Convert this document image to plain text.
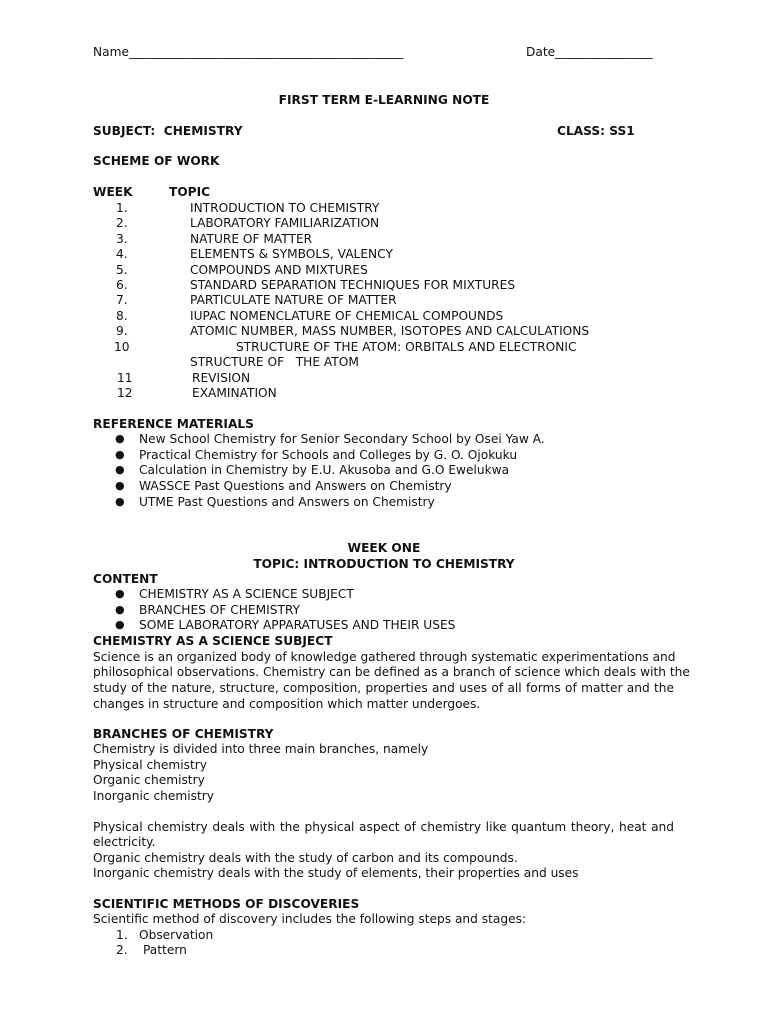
Name_____________________________________________	Date________________
FIRST TERM E-LEARNING NOTE
SUBJECT:  CHEMISTRY	CLASS: SS1
SCHEME OF WORK
WEEK	TOPIC
1.	INTRODUCTION TO CHEMISTRY
2.	LABORATORY FAMILIARIZATION
3.	NATURE OF MATTER
4.	ELEMENTS & SYMBOLS, VALENCY
5.	COMPOUNDS AND MIXTURES
6.	STANDARD SEPARATION TECHNIQUES FOR MIXTURES
7.	PARTICULATE NATURE OF MATTER
8.	IUPAC NOMENCLATURE OF CHEMICAL COMPOUNDS
9.	ATOMIC NUMBER, MASS NUMBER, ISOTOPES AND CALCULATIONS
10	STRUCTURE OF THE ATOM: ORBITALS AND ELECTRONIC
STRUCTURE OF   THE ATOM
11	REVISION
12	EXAMINATION
REFERENCE MATERIALS
● New School Chemistry for Senior Secondary School by Osei Yaw A.
● Practical Chemistry for Schools and Colleges by G. O. Ojokuku
● Calculation in Chemistry by E.U. Akusoba and G.O Ewelukwa
● WASSCE Past Questions and Answers on Chemistry
● UTME Past Questions and Answers on Chemistry
WEEK ONE
TOPIC: INTRODUCTION TO CHEMISTRY
CONTENT
● CHEMISTRY AS A SCIENCE SUBJECT
● BRANCHES OF CHEMISTRY
● SOME LABORATORY APPARATUSES AND THEIR USES
CHEMISTRY AS A SCIENCE SUBJECT
Science is an organized body of knowledge gathered through systematic experimentations and
philosophical observations. Chemistry can be defined as a branch of science which deals with the
study of the nature, structure, composition, properties and uses of all forms of matter and the
changes in structure and composition which matter undergoes.
BRANCHES OF CHEMISTRY
Chemistry is divided into three main branches, namely
Physical chemistry
Organic chemistry
Inorganic chemistry
Physical chemistry deals with the physical aspect of chemistry like quantum theory, heat and
electricity.
Organic chemistry deals with the study of carbon and its compounds.
Inorganic chemistry deals with the study of elements, their properties and uses
SCIENTIFIC METHODS OF DISCOVERIES
Scientific method of discovery includes the following steps and stages:
1. Observation
2. Pattern
